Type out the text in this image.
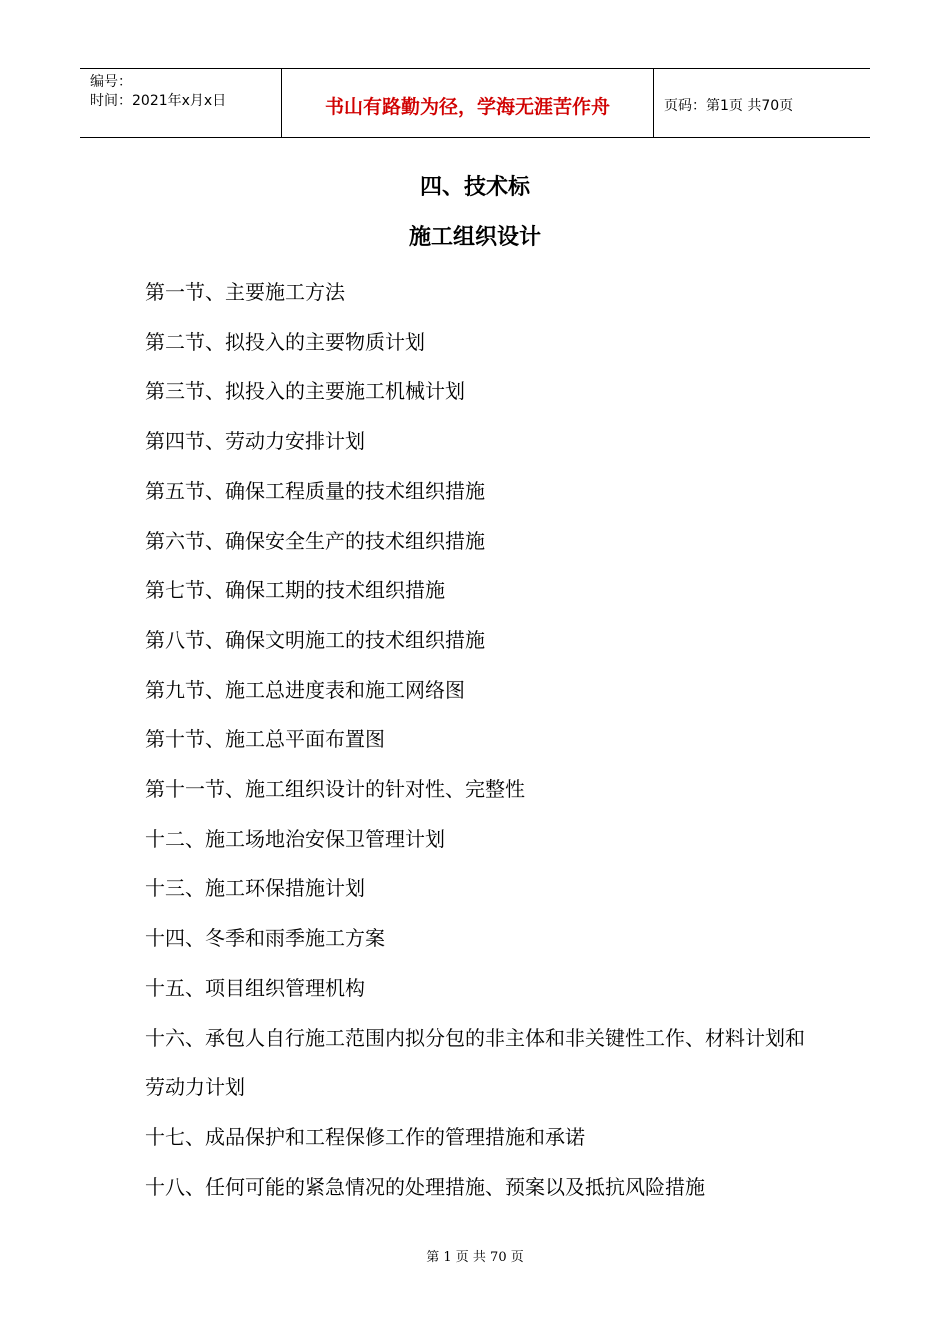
编号：
时间：2021年x月x日	书山有路勤为径，学海无涯苦作舟	页码：第1页 共70页
四、技术标
施工组织设计
第一节、主要施工方法
第二节、拟投入的主要物质计划
第三节、拟投入的主要施工机械计划
第四节、劳动力安排计划
第五节、确保工程质量的技术组织措施
第六节、确保安全生产的技术组织措施
第七节、确保工期的技术组织措施
第八节、确保文明施工的技术组织措施
第九节、施工总进度表和施工网络图
第十节、施工总平面布置图
第十一节、施工组织设计的针对性、完整性
十二、施工场地治安保卫管理计划
十三、施工环保措施计划
十四、冬季和雨季施工方案
十五、项目组织管理机构
十六、承包人自行施工范围内拟分包的非主体和非关键性工作、材料计划和劳动力计划
十七、成品保护和工程保修工作的管理措施和承诺
十八、任何可能的紧急情况的处理措施、预案以及抵抗风险措施
第 1 页 共 70 页
